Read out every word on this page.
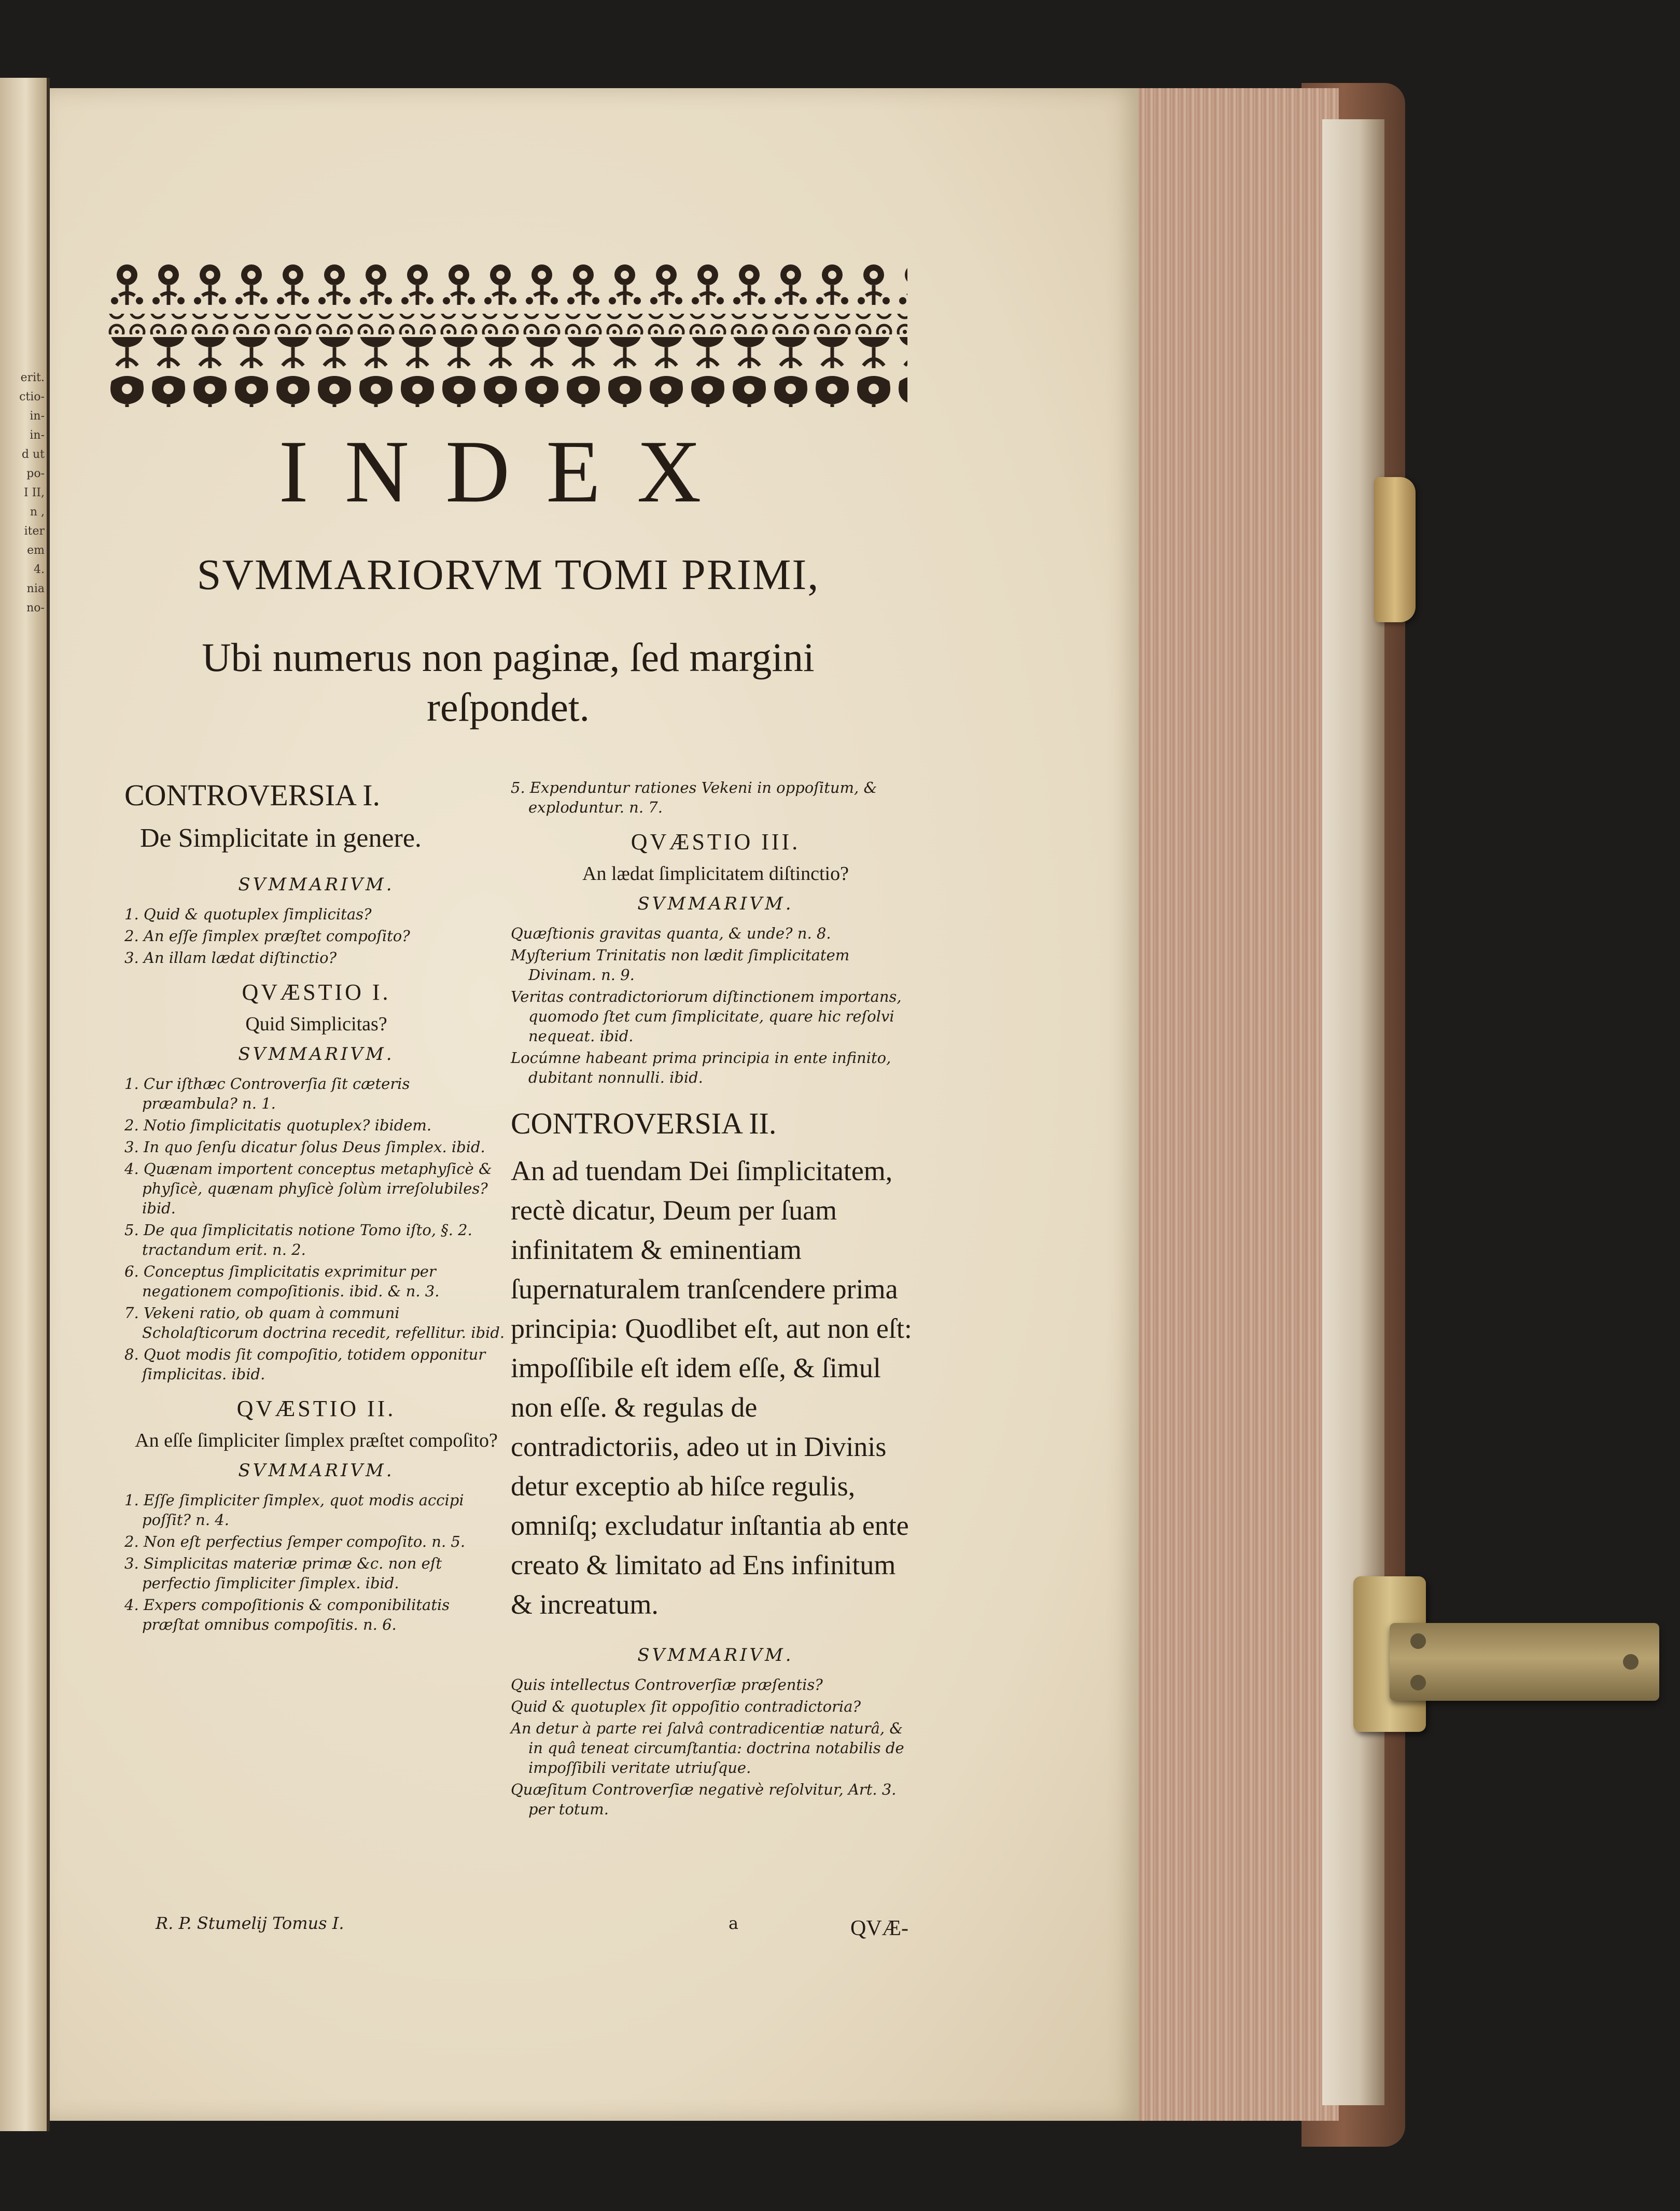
erit.
ctio-
in-
in-
d ut
po-
I II,
n ,
iter
em
4.
nia
no-
INDEX
SVMMARIORVM TOMI PRIMI,
Ubi numerus non paginæ, ſed margini reſpondet.
CONTROVERSIA I.
De Simplicitate in genere.
SVMMARIVM.
1. Quid & quotuplex ſimplicitas?
2. An eſſe ſimplex præſtet compoſito?
3. An illam lædat diſtinctio?
QVÆSTIO I.
Quid Simplicitas?
SVMMARIVM.
1. Cur iſthæc Controverſia ſit cæteris præambula? n. 1.
2. Notio ſimplicitatis quotuplex? ibidem.
3. In quo ſenſu dicatur ſolus Deus ſimplex. ibid.
4. Quænam importent conceptus metaphyſicè & phyſicè, quænam phyſicè ſolùm irreſolubiles? ibid.
5. De qua ſimplicitatis notione Tomo iſto, §. 2. tractandum erit. n. 2.
6. Conceptus ſimplicitatis exprimitur per negationem compoſitionis. ibid. & n. 3.
7. Vekeni ratio, ob quam à communi Scholaſticorum doctrina recedit, refellitur. ibid.
8. Quot modis ſit compoſitio, totidem opponitur ſimplicitas. ibid.
QVÆSTIO II.
An eſſe ſimpliciter ſimplex præſtet compoſito?
SVMMARIVM.
1. Eſſe ſimpliciter ſimplex, quot modis accipi poſſit? n. 4.
2. Non eſt perfectius ſemper compoſito. n. 5.
3. Simplicitas materiæ primæ &c. non eſt perfectio ſimpliciter ſimplex. ibid.
4. Expers compoſitionis & componibilitatis præſtat omnibus compoſitis. n. 6.
5. Expenduntur rationes Vekeni in oppoſitum, & exploduntur. n. 7.
QVÆSTIO III.
An lædat ſimplicitatem diſtinctio?
SVMMARIVM.
Quæſtionis gravitas quanta, & unde? n. 8.
Myſterium Trinitatis non lædit ſimplicitatem Divinam. n. 9.
Veritas contradictoriorum diſtinctionem importans, quomodo ſtet cum ſimplicitate, quare hic reſolvi nequeat. ibid.
Locúmne habeant prima principia in ente infinito, dubitant nonnulli. ibid.
CONTROVERSIA II.
An ad tuendam Dei ſimplicitatem, rectè dicatur, Deum per ſuam infinitatem & eminentiam ſupernaturalem tranſcendere prima principia: Quodlibet eſt, aut non eſt: impoſſibile eſt idem eſſe, & ſimul non eſſe. & regulas de contradictoriis, adeo ut in Divinis detur exceptio ab hiſce regulis, omniſq; excludatur inſtantia ab ente creato & limitato ad Ens infinitum & increatum.
SVMMARIVM.
Quis intellectus Controverſiæ præſentis?
Quid & quotuplex ſit oppoſitio contradictoria?
An detur à parte rei ſalvâ contradicentiæ naturâ, & in quâ teneat circumſtantia: doctrina notabilis de impoſſibili veritate utriuſque.
Quæſitum Controverſiæ negativè reſolvitur, Art. 3. per totum.
R. P. Stumelij Tomus I.	a	QVÆ-
